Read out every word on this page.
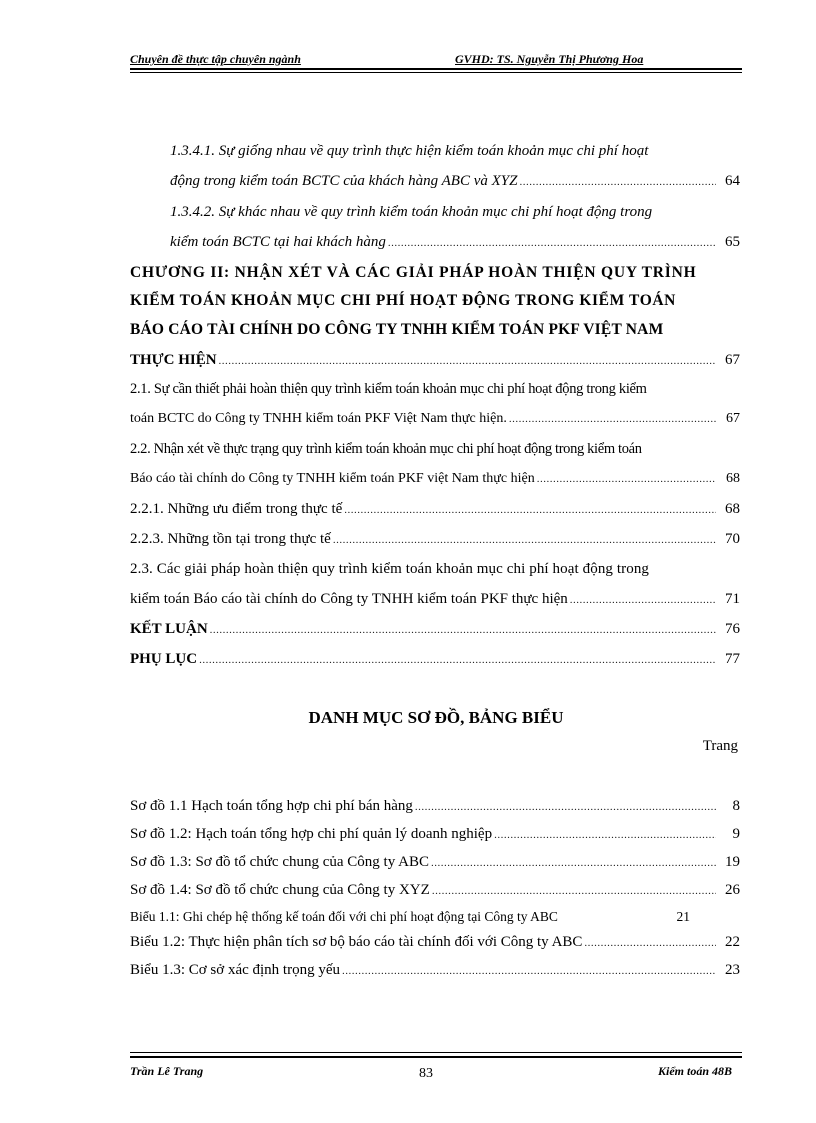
Chuyên đề thực tập chuyên ngành	GVHD: TS. Nguyễn Thị Phương Hoa
1.3.4.1. Sự giống nhau về quy trình thực hiện kiểm toán khoản mục chi phí hoạt
động trong kiểm toán BCTC của khách hàng ABC và XYZ .....	64
1.3.4.2. Sự khác nhau về quy trình kiểm toán khoản mục chi phí hoạt động trong
kiểm toán BCTC tại hai khách hàng .....	65
CHƯƠNG II: NHẬN XÉT VÀ CÁC GIẢI PHÁP HOÀN THIỆN QUY TRÌNH
KIỂM TOÁN KHOẢN MỤC CHI PHÍ HOẠT ĐỘNG TRONG KIỂM TOÁN
BÁO CÁO TÀI CHÍNH DO CÔNG TY TNHH KIỂM TOÁN PKF VIỆT NAM
THỰC HIỆN .....	67
2.1. Sự cần thiết phải hoàn thiện quy trình kiểm toán khoản mục chi phí hoạt động trong kiểm
toán BCTC do Công ty TNHH kiểm toán PKF Việt Nam thực hiện. .....	67
2.2. Nhận xét về thực trạng quy trình kiểm toán khoản mục chi phí hoạt động trong kiểm toán
Báo cáo tài chính do Công ty TNHH kiểm toán PKF việt Nam thực hiện .....	68
2.2.1. Những ưu điểm trong thực tế .....	68
2.2.3. Những tồn tại trong thực tế .....	70
2.3. Các giải pháp hoàn thiện quy trình kiểm toán khoản mục chi phí hoạt động trong
kiểm toán Báo cáo tài chính do Công ty TNHH kiểm toán PKF thực hiện .....	71
KẾT LUẬN .....	76
PHỤ LỤC .....	77
DANH MỤC SƠ ĐỒ, BẢNG BIỂU
Trang
Sơ đồ 1.1 Hạch toán tổng hợp chi phí bán hàng .....	8
Sơ đồ 1.2: Hạch toán tổng hợp chi phí quản lý doanh nghiệp .....	9
Sơ đồ 1.3: Sơ đồ tổ chức chung của Công ty ABC .....	19
Sơ đồ 1.4: Sơ đồ tổ chức chung của Công ty XYZ .....	26
Biểu 1.1: Ghi chép hệ thống kế toán đối với chi phí hoạt động tại Công ty ABC	21
Biểu 1.2: Thực hiện phân tích sơ bộ báo cáo tài chính đối với Công ty ABC .....	22
Biểu 1.3: Cơ sở xác định trọng yếu .....	23
Trần Lê Trang	83	Kiểm toán 48B
